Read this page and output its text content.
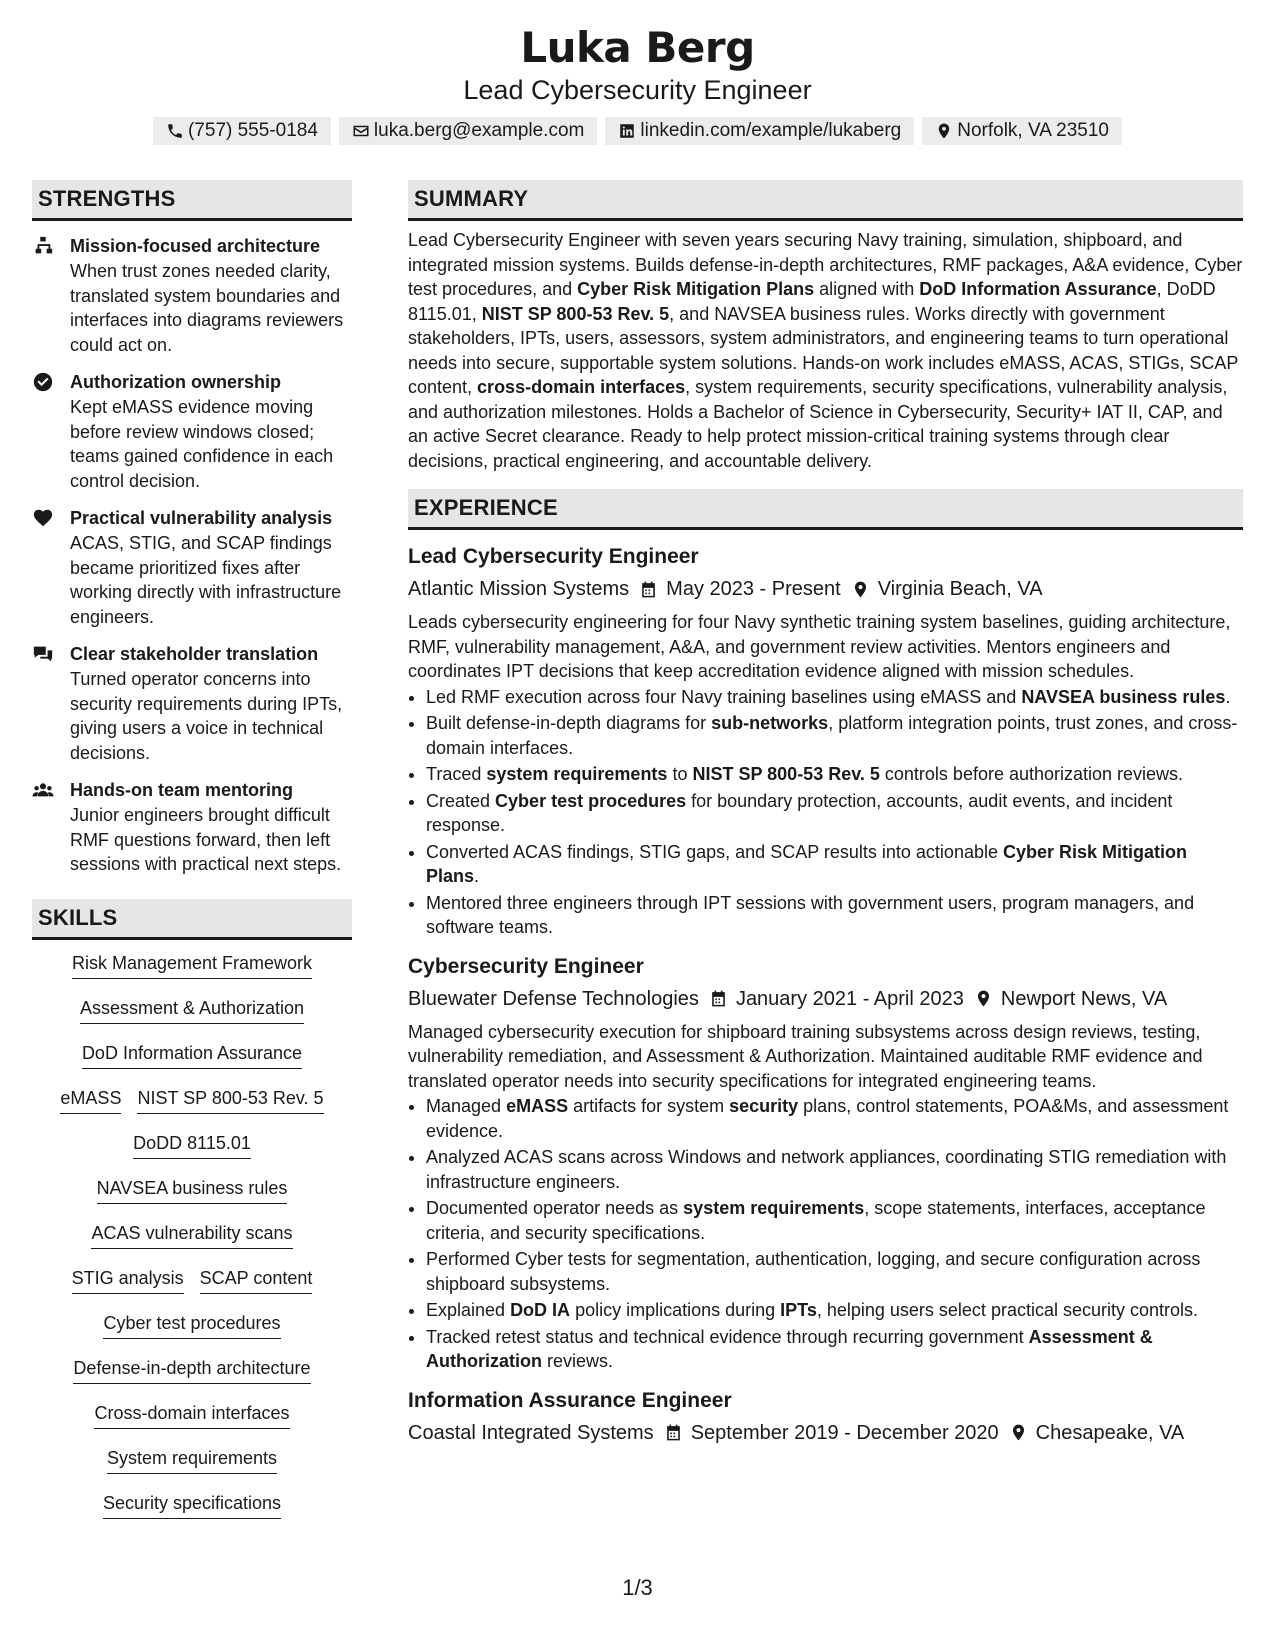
Luka Berg
Lead Cybersecurity Engineer
(757) 555-0184	luka.berg@example.com	linkedin.com/example/lukaberg	Norfolk, VA 23510
STRENGTHS
Mission-focused architecture
When trust zones needed clarity, translated system boundaries and interfaces into diagrams reviewers could act on.
Authorization ownership
Kept eMASS evidence moving before review windows closed; teams gained confidence in each control decision.
Practical vulnerability analysis
ACAS, STIG, and SCAP findings became prioritized fixes after working directly with infrastructure engineers.
Clear stakeholder translation
Turned operator concerns into security requirements during IPTs, giving users a voice in technical decisions.
Hands-on team mentoring
Junior engineers brought difficult RMF questions forward, then left sessions with practical next steps.
SKILLS
Risk Management Framework
Assessment & Authorization
DoD Information Assurance
eMASS NIST SP 800-53 Rev. 5
DoDD 8115.01
NAVSEA business rules
ACAS vulnerability scans
STIG analysis SCAP content
Cyber test procedures
Defense-in-depth architecture
Cross-domain interfaces
System requirements
Security specifications
SUMMARY
Lead Cybersecurity Engineer with seven years securing Navy training, simulation, shipboard, and integrated mission systems. Builds defense-in-depth architectures, RMF packages, A&A evidence, Cyber test procedures, and Cyber Risk Mitigation Plans aligned with DoD Information Assurance, DoDD 8115.01, NIST SP 800-53 Rev. 5, and NAVSEA business rules. Works directly with government stakeholders, IPTs, users, assessors, system administrators, and engineering teams to turn operational needs into secure, supportable system solutions. Hands-on work includes eMASS, ACAS, STIGs, SCAP content, cross-domain interfaces, system requirements, security specifications, vulnerability analysis, and authorization milestones. Holds a Bachelor of Science in Cybersecurity, Security+ IAT II, CAP, and an active Secret clearance. Ready to help protect mission-critical training systems through clear decisions, practical engineering, and accountable delivery.
EXPERIENCE
Lead Cybersecurity Engineer
Atlantic Mission Systems May 2023 - Present Virginia Beach, VA
Leads cybersecurity engineering for four Navy synthetic training system baselines, guiding architecture, RMF, vulnerability management, A&A, and government review activities. Mentors engineers and coordinates IPT decisions that keep accreditation evidence aligned with mission schedules.
• Led RMF execution across four Navy training baselines using eMASS and NAVSEA business rules.
• Built defense-in-depth diagrams for sub-networks, platform integration points, trust zones, and cross-domain interfaces.
• Traced system requirements to NIST SP 800-53 Rev. 5 controls before authorization reviews.
• Created Cyber test procedures for boundary protection, accounts, audit events, and incident response.
• Converted ACAS findings, STIG gaps, and SCAP results into actionable Cyber Risk Mitigation Plans.
• Mentored three engineers through IPT sessions with government users, program managers, and software teams.
Cybersecurity Engineer
Bluewater Defense Technologies January 2021 - April 2023 Newport News, VA
Managed cybersecurity execution for shipboard training subsystems across design reviews, testing, vulnerability remediation, and Assessment & Authorization. Maintained auditable RMF evidence and translated operator needs into security specifications for integrated engineering teams.
• Managed eMASS artifacts for system security plans, control statements, POA&Ms, and assessment evidence.
• Analyzed ACAS scans across Windows and network appliances, coordinating STIG remediation with infrastructure engineers.
• Documented operator needs as system requirements, scope statements, interfaces, acceptance criteria, and security specifications.
• Performed Cyber tests for segmentation, authentication, logging, and secure configuration across shipboard subsystems.
• Explained DoD IA policy implications during IPTs, helping users select practical security controls.
• Tracked retest status and technical evidence through recurring government Assessment & Authorization reviews.
Information Assurance Engineer
Coastal Integrated Systems September 2019 - December 2020 Chesapeake, VA
1/3
